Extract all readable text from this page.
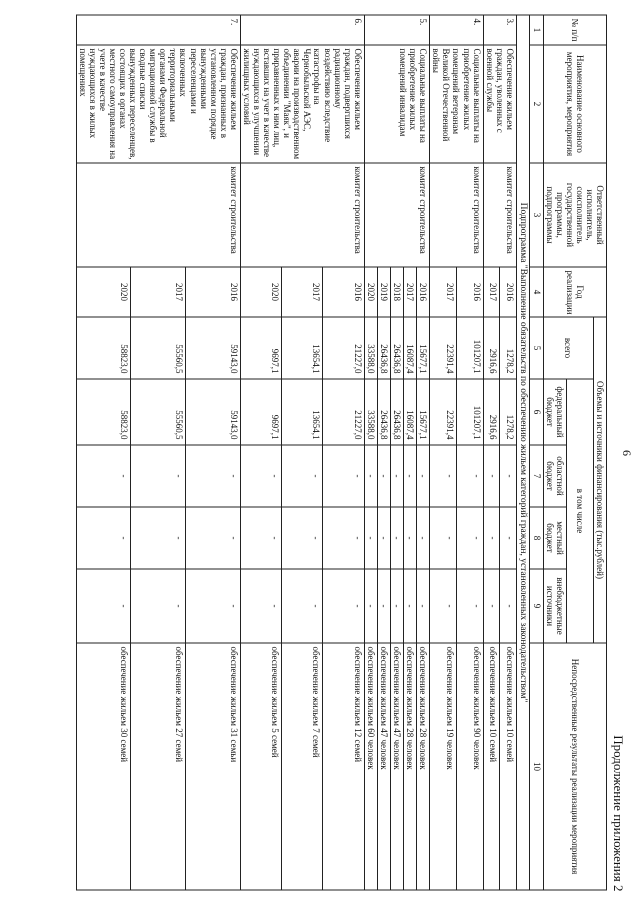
6
Продолжение приложения 2
№ п/п	Наименование основного мероприятия, мероприятия	Ответственный исполнитель, соисполнитель государственной программы, подпрограммы	Год реализации	Объемы и источники финансирования (тыс.рублей)					Непосредственные результаты реализации мероприятия
				всего	в том числе				
					федеральный бюджет	областной бюджет	местный бюджет	внебюджетные источники	
1	2	3	4	5	6	7	8	9	10
Подпрограмма "Выполнение обязательств по обеспечению жильем категорий граждан, установленных законодательством"									
3.	Обеспечение жильем граждан, уволенных с военной службы	комитет строительства	2016	1278,2	1278,2	-	-	-	обеспечение жильем 10 семей
			2017	2916,6	2916,6	-	-	-	обеспечение жильем 10 семей
4.	Социальные выплаты на приобретение жилых помещений ветеранам Великой Отечественной войны	комитет строительства	2016	101207,1	101207,1	-	-	-	обеспечение жильем 90 человек
			2017	22391,4	22391,4	-	-	-	обеспечение жильем 19 человек
5.	Социальные выплаты на приобретение жилых помещений инвалидам	комитет строительства	2016	15677,1	15677,1	-	-	-	обеспечение жильем 28 человек
			2017	16087,4	16087,4	-	-	-	обеспечение жильем 28 человек
			2018	26436,8	26436,8	-	-	-	обеспечение жильем 47 человек
			2019	26436,8	26436,8	-	-	-	обеспечение жильем 47 человек
			2020	33588,0	33588,0	-	-	-	обеспечение жильем 60 человек
6.	Обеспечение жильем граждан, подвергшихся радиационному воздействию вследствие катастрофы на Чернобыльской АЭС, аварии на производственном объединении "Маяк", и приравненных к ним лиц, вставших на учет в качестве нуждающихся в улучшении жилищных условий	комитет строительства	2016	21227,0	21227,0	-	-	-	обеспечение жильем 12 семей
			2017	13654,1	13654,1	-	-	-	обеспечение жильем 7 семей
			2020	9697,1	9697,1	-	-	-	обеспечение жильем 5 семей
7.	Обеспечение жильем граждан, признанных в установленном порядке вынужденными переселенцами и включенных территориальными органами Федеральной миграционной службы в сводные списки вынужденных переселенцев, состоящих в органах местного самоуправления на учете в качестве нуждающихся в жилых помещениях	комитет строительства	2016	59143,0	59143,0	-	-	-	обеспечение жильем 31 семьи
			2017	55560,5	55560,5	-	-	-	обеспечение жильем 27 семей
			2020	58823,0	58823,0	-	-	-	обеспечение жильем 30 семей
